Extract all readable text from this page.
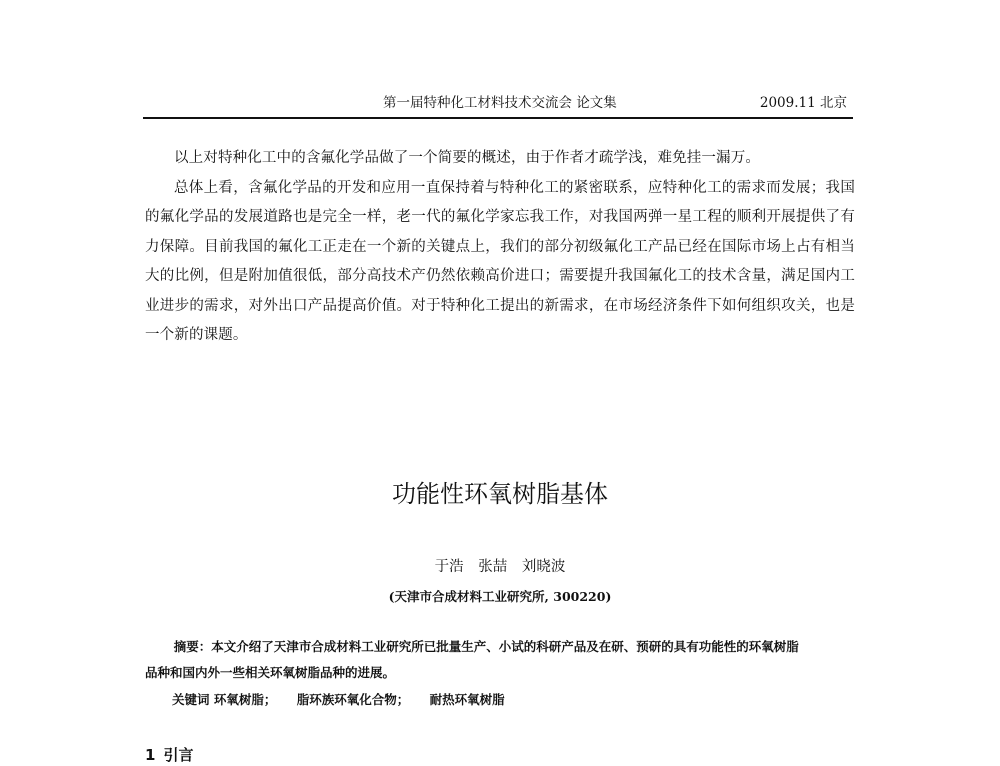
第一届特种化工材料技术交流会 论文集	2009.11 北京

以上对特种化工中的含氟化学品做了一个简要的概述，由于作者才疏学浅，难免挂一漏万。

总体上看，含氟化学品的开发和应用一直保持着与特种化工的紧密联系，应特种化工的需求而发展；我国的氟化学品的发展道路也是完全一样，老一代的氟化学家忘我工作，对我国两弹一星工程的顺利开展提供了有力保障。目前我国的氟化工正走在一个新的关键点上，我们的部分初级氟化工产品已经在国际市场上占有相当大的比例，但是附加值很低，部分高技术产仍然依赖高价进口；需要提升我国氟化工的技术含量，满足国内工业进步的需求，对外出口产品提高价值。对于特种化工提出的新需求，在市场经济条件下如何组织攻关，也是一个新的课题。

功能性环氧树脂基体
于浩 张喆 刘晓波
(天津市合成材料工业研究所, 300220)

摘要：本文介绍了天津市合成材料工业研究所已批量生产、小试的科研产品及在研、预研的具有功能性的环氧树脂品种和国内外一些相关环氧树脂品种的进展。

关键词 环氧树脂； 脂环族环氧化合物； 耐热环氧树脂
1 引言
